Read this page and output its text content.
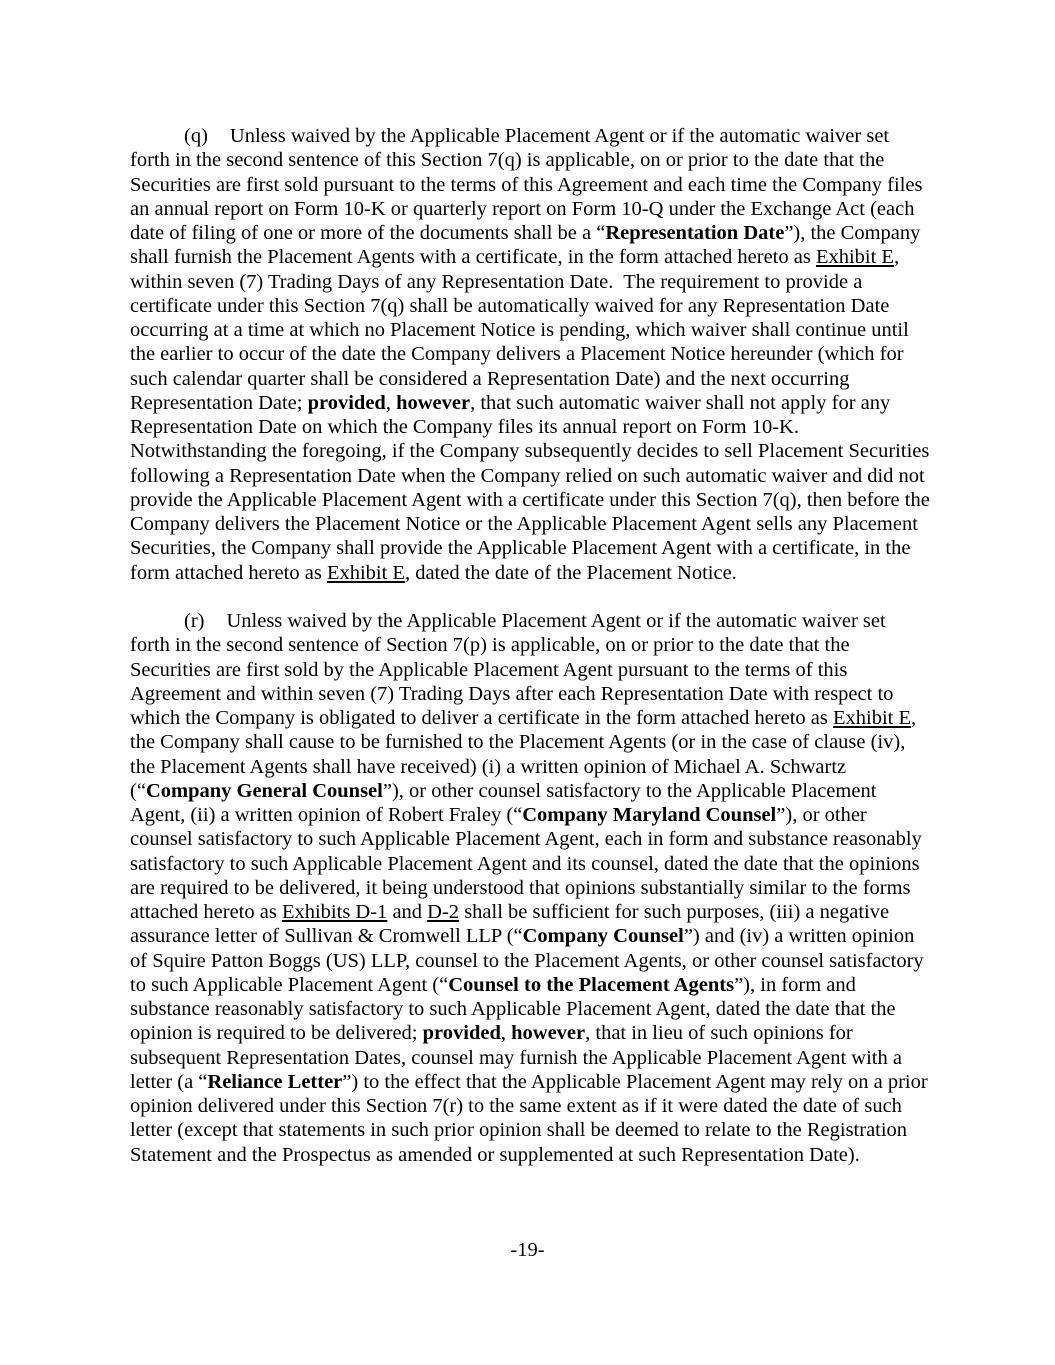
(q) Unless waived by the Applicable Placement Agent or if the automatic waiver set forth in the second sentence of this Section 7(q) is applicable, on or prior to the date that the Securities are first sold pursuant to the terms of this Agreement and each time the Company files an annual report on Form 10-K or quarterly report on Form 10-Q under the Exchange Act (each date of filing of one or more of the documents shall be a “Representation Date”), the Company shall furnish the Placement Agents with a certificate, in the form attached hereto as Exhibit E, within seven (7) Trading Days of any Representation Date.  The requirement to provide a certificate under this Section 7(q) shall be automatically waived for any Representation Date occurring at a time at which no Placement Notice is pending, which waiver shall continue until the earlier to occur of the date the Company delivers a Placement Notice hereunder (which for such calendar quarter shall be considered a Representation Date) and the next occurring Representation Date; provided, however, that such automatic waiver shall not apply for any Representation Date on which the Company files its annual report on Form 10-K.  Notwithstanding the foregoing, if the Company subsequently decides to sell Placement Securities following a Representation Date when the Company relied on such automatic waiver and did not provide the Applicable Placement Agent with a certificate under this Section 7(q), then before the Company delivers the Placement Notice or the Applicable Placement Agent sells any Placement Securities, the Company shall provide the Applicable Placement Agent with a certificate, in the form attached hereto as Exhibit E, dated the date of the Placement Notice.

(r) Unless waived by the Applicable Placement Agent or if the automatic waiver set forth in the second sentence of Section 7(p) is applicable, on or prior to the date that the Securities are first sold by the Applicable Placement Agent pursuant to the terms of this Agreement and within seven (7) Trading Days after each Representation Date with respect to which the Company is obligated to deliver a certificate in the form attached hereto as Exhibit E, the Company shall cause to be furnished to the Placement Agents (or in the case of clause (iv), the Placement Agents shall have received) (i) a written opinion of Michael A. Schwartz (“Company General Counsel”), or other counsel satisfactory to the Applicable Placement Agent, (ii) a written opinion of Robert Fraley (“Company Maryland Counsel”), or other counsel satisfactory to such Applicable Placement Agent, each in form and substance reasonably satisfactory to such Applicable Placement Agent and its counsel, dated the date that the opinions are required to be delivered, it being understood that opinions substantially similar to the forms attached hereto as Exhibits D-1 and D-2 shall be sufficient for such purposes, (iii) a negative assurance letter of Sullivan & Cromwell LLP (“Company Counsel”) and (iv) a written opinion of Squire Patton Boggs (US) LLP, counsel to the Placement Agents, or other counsel satisfactory to such Applicable Placement Agent (“Counsel to the Placement Agents”), in form and substance reasonably satisfactory to such Applicable Placement Agent, dated the date that the opinion is required to be delivered; provided, however, that in lieu of such opinions for subsequent Representation Dates, counsel may furnish the Applicable Placement Agent with a letter (a “Reliance Letter”) to the effect that the Applicable Placement Agent may rely on a prior opinion delivered under this Section 7(r) to the same extent as if it were dated the date of such letter (except that statements in such prior opinion shall be deemed to relate to the Registration Statement and the Prospectus as amended or supplemented at such Representation Date).

-19-
